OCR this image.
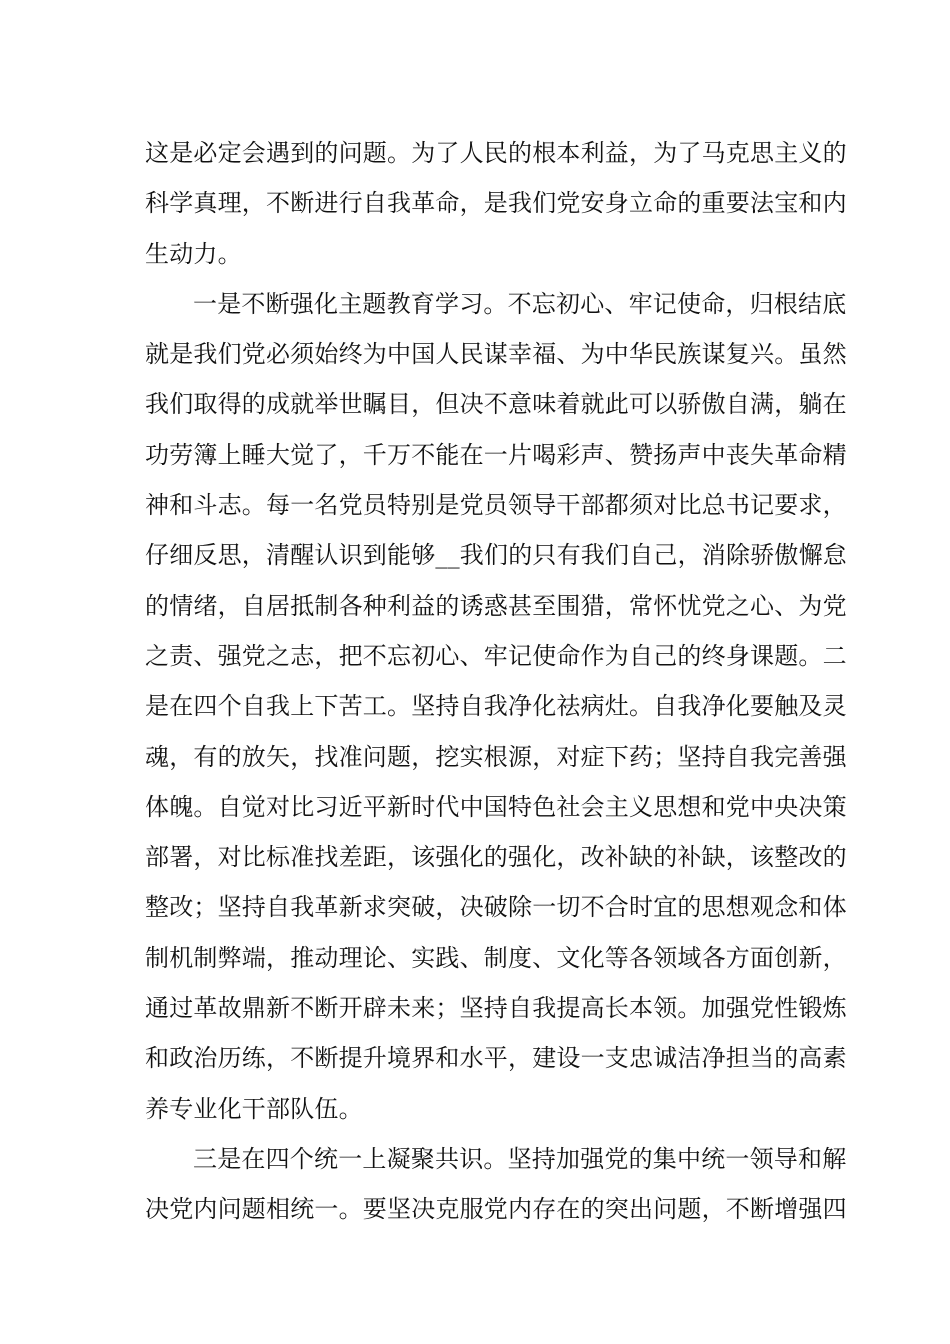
这是必定会遇到的问题。为了人民的根本利益，为了马克思主义的
科学真理，不断进行自我革命，是我们党安身立命的重要法宝和内
生动力。
一是不断强化主题教育学习。不忘初心、牢记使命，归根结底
就是我们党必须始终为中国人民谋幸福、为中华民族谋复兴。虽然
我们取得的成就举世瞩目，但决不意味着就此可以骄傲自满，躺在
功劳簿上睡大觉了，千万不能在一片喝彩声、赞扬声中丧失革命精
神和斗志。每一名党员特别是党员领导干部都须对比总书记要求，
仔细反思，清醒认识到能够__我们的只有我们自己，消除骄傲懈怠
的情绪，自居抵制各种利益的诱惑甚至围猎，常怀忧党之心、为党
之责、强党之志，把不忘初心、牢记使命作为自己的终身课题。二
是在四个自我上下苦工。坚持自我净化祛病灶。自我净化要触及灵
魂，有的放矢，找准问题，挖实根源，对症下药；坚持自我完善强
体魄。自觉对比习近平新时代中国特色社会主义思想和党中央决策
部署，对比标准找差距，该强化的强化，改补缺的补缺，该整改的
整改；坚持自我革新求突破，决破除一切不合时宜的思想观念和体
制机制弊端，推动理论、实践、制度、文化等各领域各方面创新，
通过革故鼎新不断开辟未来；坚持自我提高长本领。加强党性锻炼
和政治历练，不断提升境界和水平，建设一支忠诚洁净担当的高素
养专业化干部队伍。
三是在四个统一上凝聚共识。坚持加强党的集中统一领导和解
决党内问题相统一。要坚决克服党内存在的突出问题，不断增强四
